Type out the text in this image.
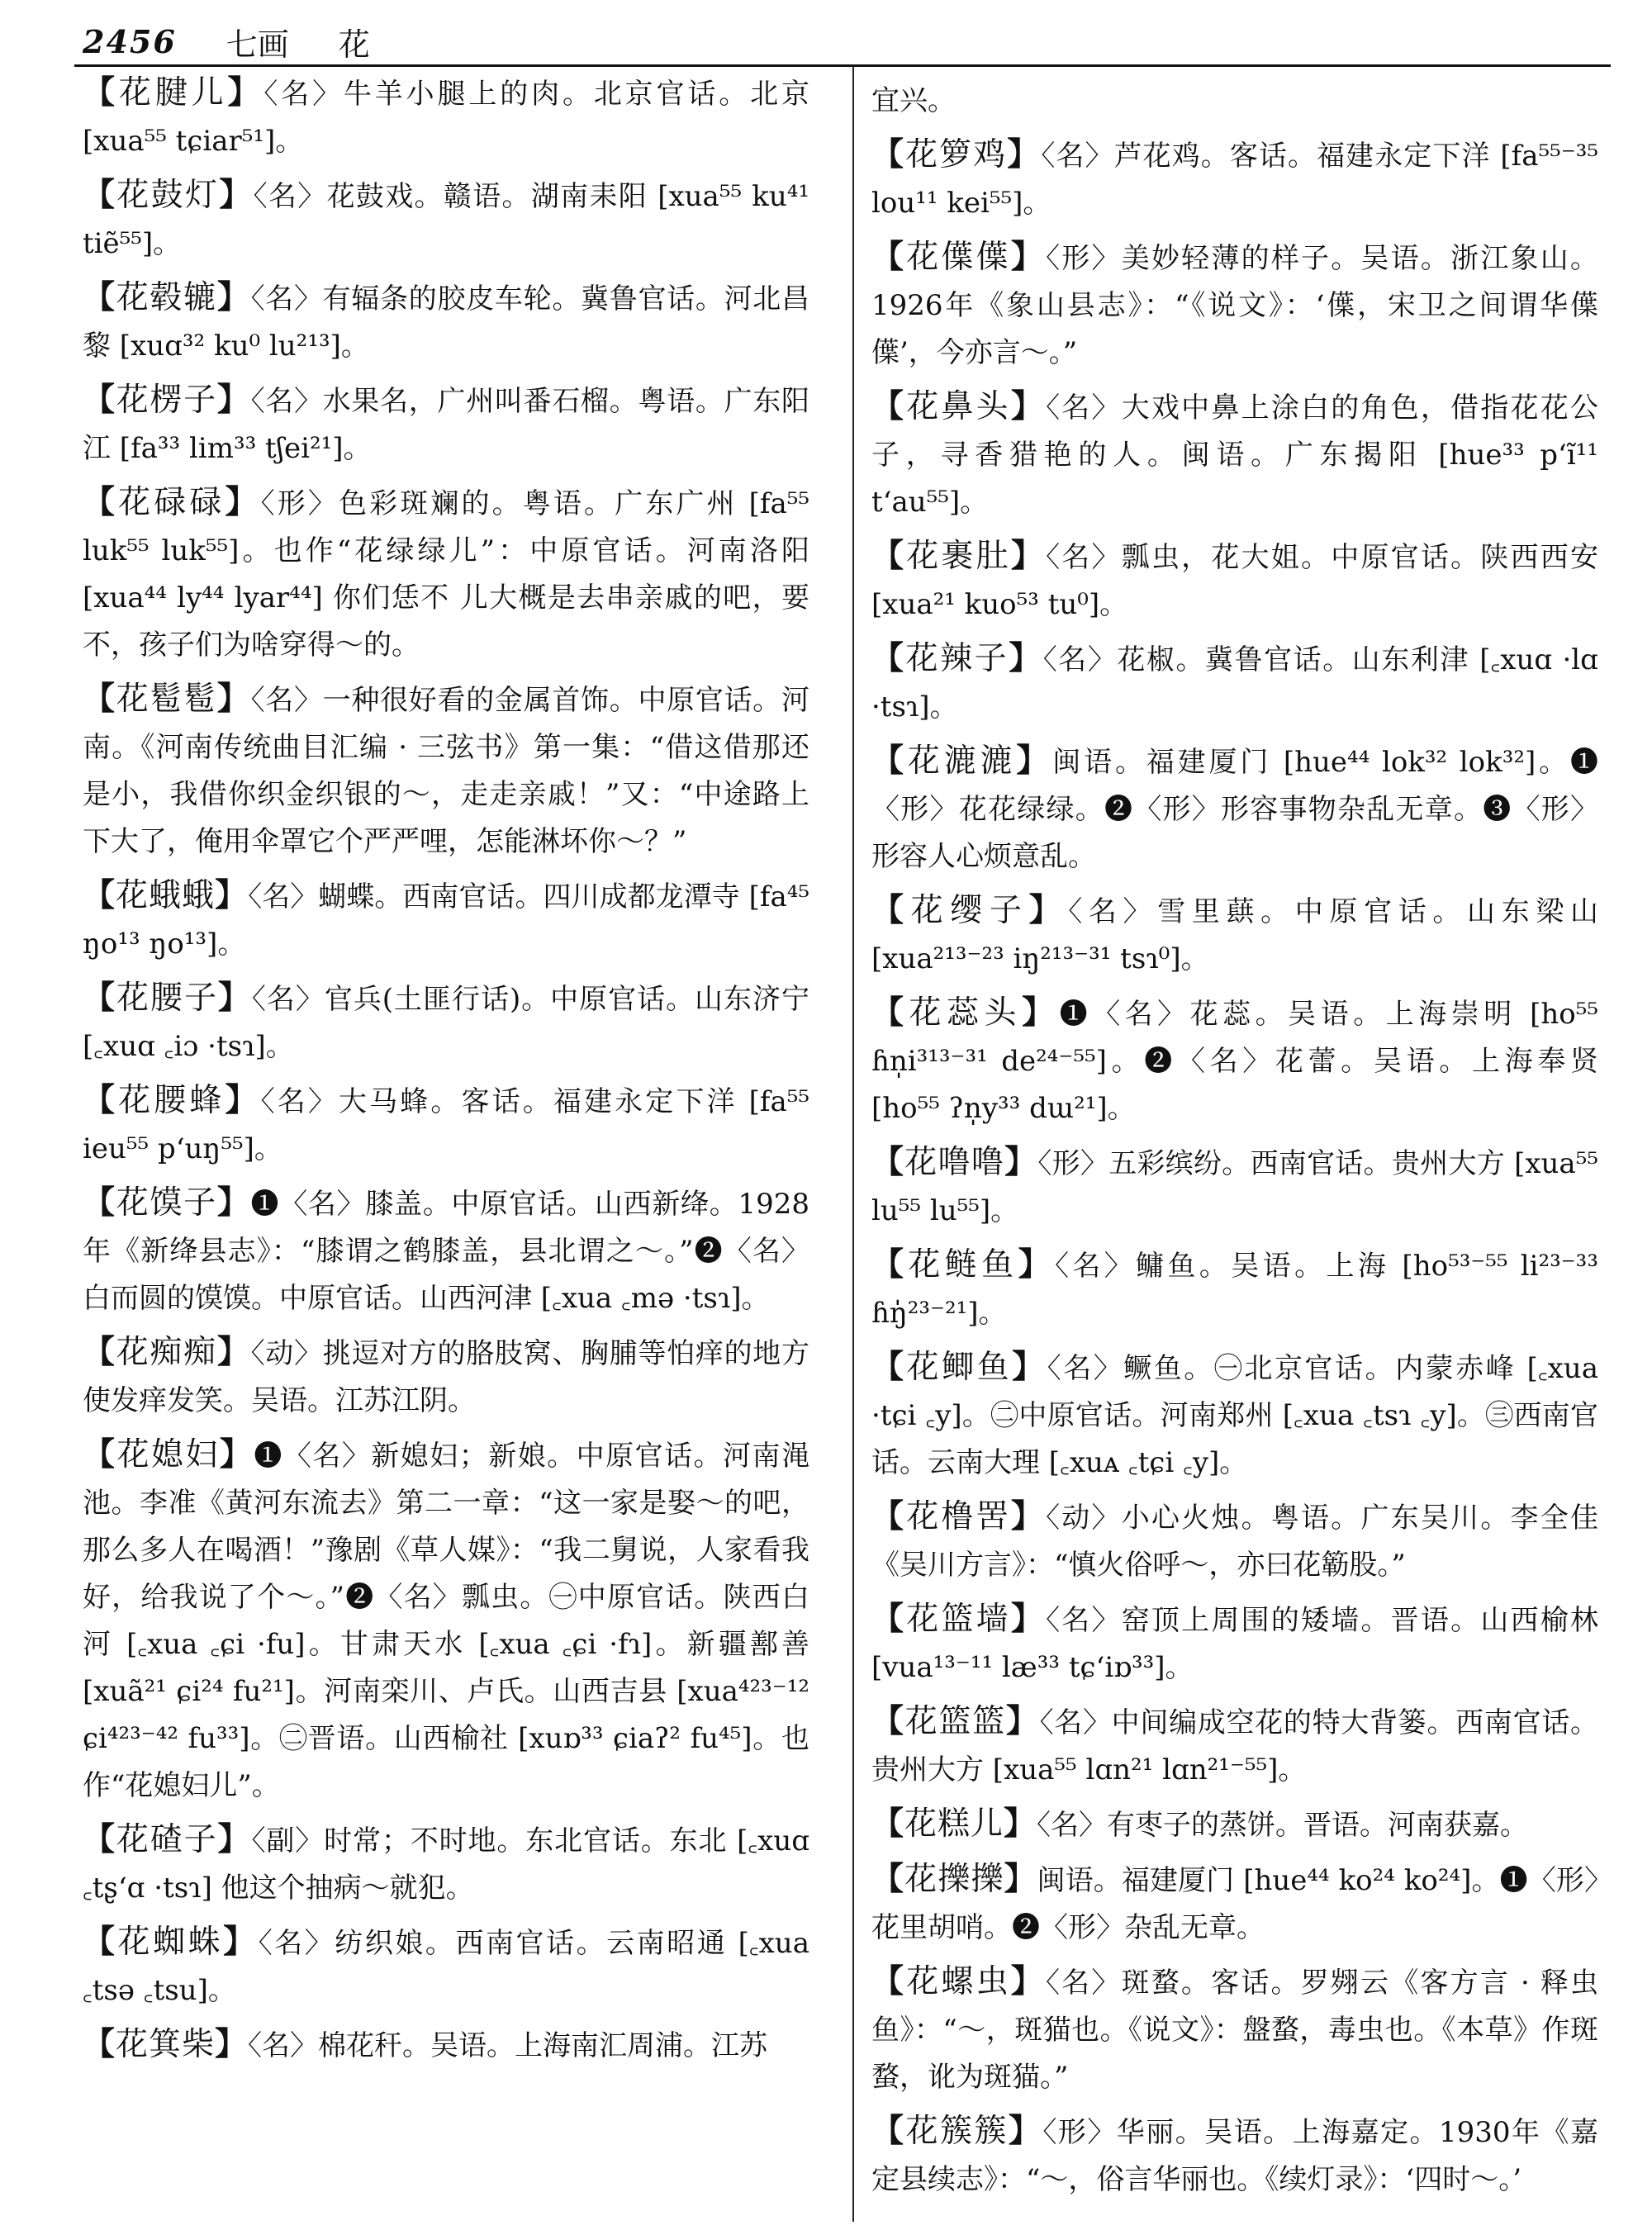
2456 七画 花
【花腱儿】〈名〉牛羊小腿上的肉。北京官话。北京 [xua⁵⁵ tɕiar⁵¹]。
【花鼓灯】〈名〉花鼓戏。赣语。湖南耒阳 [xua⁵⁵ ku⁴¹ tiẽ⁵⁵]。
【花毂辘】〈名〉有辐条的胶皮车轮。冀鲁官话。河北昌黎 [xuɑ³² ku⁰ lu²¹³]。
【花楞子】〈名〉水果名，广州叫番石榴。粤语。广东阳江 [fa³³ lim³³ tʃei²¹]。
【花碌碌】〈形〉色彩斑斓的。粤语。广东广州 [fa⁵⁵ luk⁵⁵ luk⁵⁵]。也作“花绿绿儿”：中原官话。河南洛阳[xua⁴⁴ ly⁴⁴ lyar⁴⁴] 你们恁不 儿大概是去串亲戚的吧，要不，孩子们为啥穿得～的。
【花髱髱】〈名〉一种很好看的金属首饰。中原官话。河南。《河南传统曲目汇编 · 三弦书》第一集：“借这借那还是小，我借你织金织银的～，走走亲戚！”又：“中途路上下大了，俺用伞罩它个严严哩，怎能淋坏你～？”
【花蛾蛾】〈名〉蝴蝶。西南官话。四川成都龙潭寺 [fa⁴⁵ ŋo¹³ ŋo¹³]。
【花腰子】〈名〉官兵(土匪行话)。中原官话。山东济宁 [꜀xuɑ ꜀iɔ ·tsɿ]。
【花腰蜂】〈名〉大马蜂。客话。福建永定下洋 [fa⁵⁵ ieu⁵⁵ pʻuŋ⁵⁵]。
【花馍子】❶〈名〉膝盖。中原官话。山西新绛。1928年《新绛县志》：“膝谓之鹤膝盖，县北谓之～。”❷〈名〉白而圆的馍馍。中原官话。山西河津 [꜀xua ꜀mə ·tsɿ]。
【花痴痴】〈动〉挑逗对方的胳肢窝、胸脯等怕痒的地方使发痒发笑。吴语。江苏江阴。
【花媳妇】❶〈名〉新媳妇；新娘。中原官话。河南渑池。李准《黄河东流去》第二一章：“这一家是娶～的吧，那么多人在喝酒！”豫剧《草人媒》：“我二舅说，人家看我好，给我说了个～。”❷〈名〉瓢虫。㊀中原官话。陕西白河 [꜀xua ꜀ɕi ·fu]。甘肃天水 [꜀xua ꜀ɕi ·fɿ]。新疆鄯善 [xuã²¹ ɕi²⁴ fu²¹]。河南栾川、卢氏。山西吉县 [xua⁴²³⁻¹² ɕi⁴²³⁻⁴² fu³³]。㊁晋语。山西榆社 [xuɒ³³ ɕiaʔ² fu⁴⁵]。也作“花媳妇儿”。
【花碴子】〈副〉时常；不时地。东北官话。东北 [꜀xuɑ ꜀tʂʻɑ ·tsɿ] 他这个抽病～就犯。
【花蜘蛛】〈名〉纺织娘。西南官话。云南昭通 [꜀xua ꜀tsə ꜀tsu]。
【花箕柴】〈名〉棉花秆。吴语。上海南汇周浦。江苏
宜兴。
【花箩鸡】〈名〉芦花鸡。客话。福建永定下洋 [fa⁵⁵⁻³⁵ lou¹¹ kei⁵⁵]。
【花僷僷】〈形〉美妙轻薄的样子。吴语。浙江象山。1926年《象山县志》：“《说文》：‘僷，宋卫之间谓华僷僷’，今亦言～。”
【花鼻头】〈名〉大戏中鼻上涂白的角色，借指花花公子，寻香猎艳的人。闽语。广东揭阳 [hue³³ pʻĩ¹¹ tʻau⁵⁵]。
【花裹肚】〈名〉瓢虫，花大姐。中原官话。陕西西安 [xua²¹ kuo⁵³ tu⁰]。
【花辣子】〈名〉花椒。冀鲁官话。山东利津 [꜀xuɑ ·lɑ ·tsɿ]。
【花漉漉】闽语。福建厦门 [hue⁴⁴ lok³² lok³²]。❶〈形〉花花绿绿。❷〈形〉形容事物杂乱无章。❸〈形〉形容人心烦意乱。
【花缨子】〈名〉雪里蕻。中原官话。山东梁山 [xua²¹³⁻²³ iŋ²¹³⁻³¹ tsɿ⁰]。
【花蕊头】❶〈名〉花蕊。吴语。上海崇明 [ho⁵⁵ ɦn̩i³¹³⁻³¹ de²⁴⁻⁵⁵]。❷〈名〉花蕾。吴语。上海奉贤 [ho⁵⁵ ʔn̩y³³ dɯ²¹]。
【花噜噜】〈形〉五彩缤纷。西南官话。贵州大方 [xua⁵⁵ lu⁵⁵ lu⁵⁵]。
【花鲢鱼】〈名〉鳙鱼。吴语。上海 [ho⁵³⁻⁵⁵ li²³⁻³³ ɦŋ̍²³⁻²¹]。
【花鲫鱼】〈名〉鳜鱼。㊀北京官话。内蒙赤峰 [꜀xua ·tɕi ꜀y]。㊁中原官话。河南郑州 [꜀xua ꜀tsɿ ꜀y]。㊂西南官话。云南大理 [꜀xuᴀ ꜀tɕi ꜀y]。
【花橹罟】〈动〉小心火烛。粤语。广东吴川。李全佳《吴川方言》：“慎火俗呼～，亦曰花簕股。”
【花篮墙】〈名〉窑顶上周围的矮墙。晋语。山西榆林 [vua¹³⁻¹¹ læ³³ tɕʻiɒ³³]。
【花篮篮】〈名〉中间编成空花的特大背篓。西南官话。贵州大方 [xua⁵⁵ lɑn²¹ lɑn²¹⁻⁵⁵]。
【花糕儿】〈名〉有枣子的蒸饼。晋语。河南获嘉。
【花擽擽】闽语。福建厦门 [hue⁴⁴ ko²⁴ ko²⁴]。❶〈形〉花里胡哨。❷〈形〉杂乱无章。
【花螺虫】〈名〉斑蝥。客话。罗翙云《客方言 · 释虫鱼》：“～，斑猫也。《说文》：盤蝥，毒虫也。《本草》作斑蝥，讹为斑猫。”
【花簇簇】〈形〉华丽。吴语。上海嘉定。1930年《嘉定县续志》：“～，俗言华丽也。《续灯录》：‘四时～。’
